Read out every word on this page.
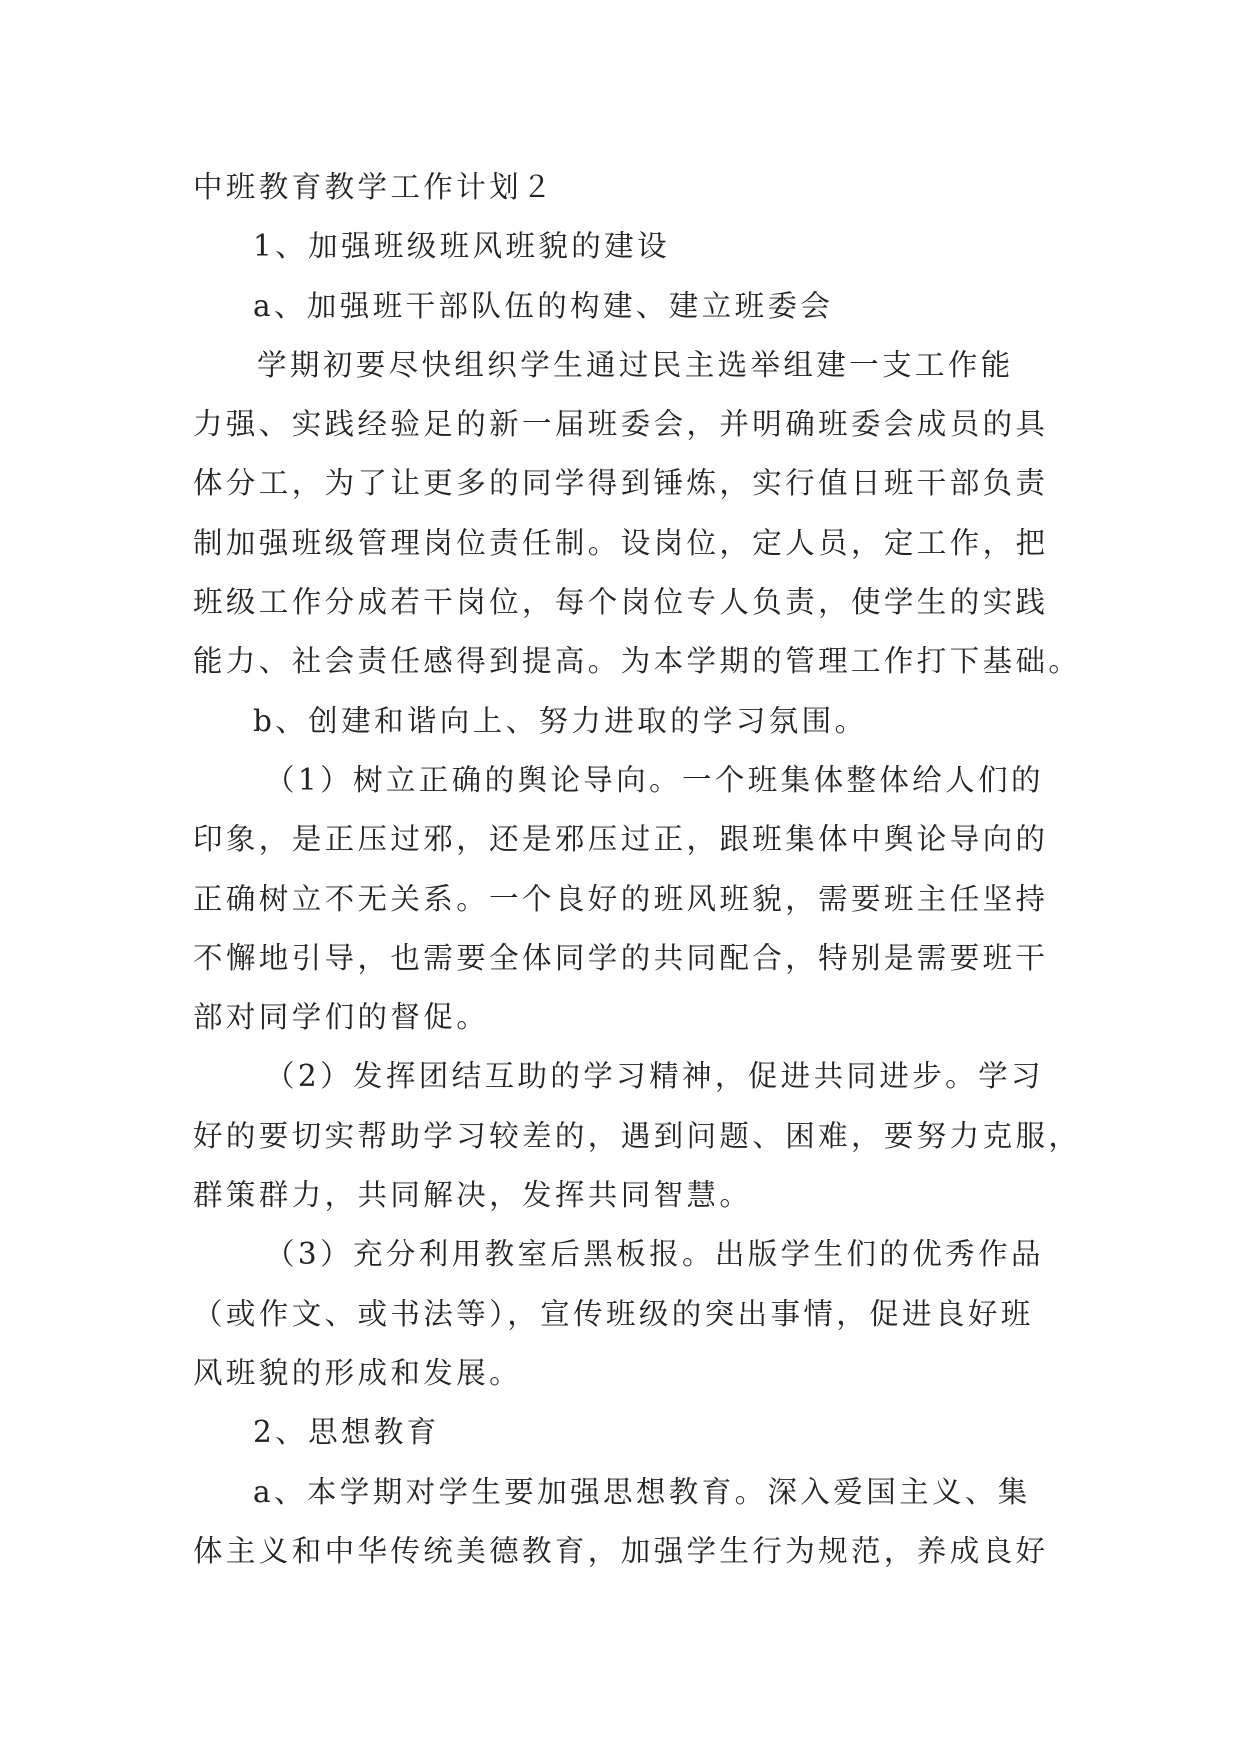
中班教育教学工作计划２
1、加强班级班风班貌的建设
a、加强班干部队伍的构建、建立班委会
学期初要尽快组织学生通过民主选举组建一支工作能
力强、实践经验足的新一届班委会，并明确班委会成员的具
体分工，为了让更多的同学得到锤炼，实行值日班干部负责
制加强班级管理岗位责任制。设岗位，定人员，定工作，把
班级工作分成若干岗位，每个岗位专人负责，使学生的实践
能力、社会责任感得到提高。为本学期的管理工作打下基础。
b、创建和谐向上、努力进取的学习氛围。
（1）树立正确的舆论导向。一个班集体整体给人们的
印象，是正压过邪，还是邪压过正，跟班集体中舆论导向的
正确树立不无关系。一个良好的班风班貌，需要班主任坚持
不懈地引导，也需要全体同学的共同配合，特别是需要班干
部对同学们的督促。
（2）发挥团结互助的学习精神，促进共同进步。学习
好的要切实帮助学习较差的，遇到问题、困难，要努力克服，
群策群力，共同解决，发挥共同智慧。
（3）充分利用教室后黑板报。出版学生们的优秀作品
（或作文、或书法等），宣传班级的突出事情，促进良好班
风班貌的形成和发展。
2、思想教育
a、本学期对学生要加强思想教育。深入爱国主义、集
体主义和中华传统美德教育，加强学生行为规范，养成良好
